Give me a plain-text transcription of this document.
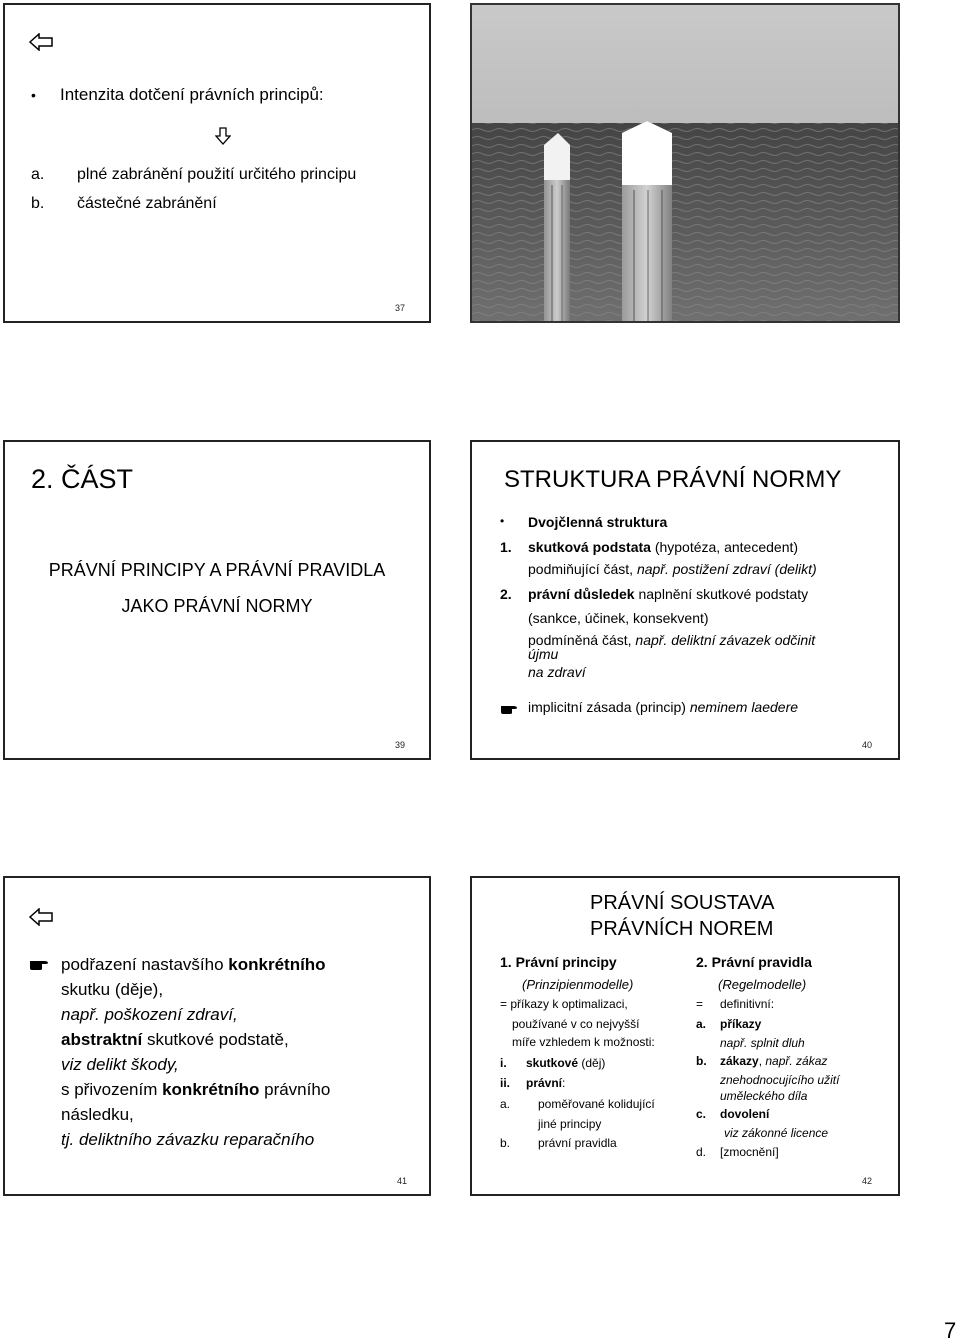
• Intenzita dotčení právních principů:
a. plné zabránění použití určitého principu
b. částečné zabránění
37	38
2. ČÁST
PRÁVNÍ PRINCIPY A PRÁVNÍ PRAVIDLA
JAKO PRÁVNÍ NORMY
39
STRUKTURA PRÁVNÍ NORMY
• Dvojčlenná struktura
1. skutková podstata (hypotéza, antecedent)
podmiňující část, např. postižení zdraví (delikt)
2. právní důsledek naplnění skutkové podstaty
(sankce, účinek, konsekvent)
podmíněná část, např. deliktní závazek odčinit
újmu
na zdraví
implicitní zásada (princip) neminem laedere
40
podřazení nastavšího konkrétního
skutku (děje),
např. poškození zdraví,
abstraktní skutkové podstatě,
viz delikt škody,
s přivozením konkrétního právního
následku,
tj. deliktního závazku reparačního
41
PRÁVNÍ SOUSTAVA
PRÁVNÍCH NOREM
1. Právní principy
(Prinzipienmodelle)
= příkazy k optimalizaci,
používané v co nejvyšší
míře vzhledem k možnosti:
i. skutkové (děj)
ii. právní:
a. poměřované kolidující
jiné principy
b. právní pravidla
2. Právní pravidla
(Regelmodelle)
= definitivní:
a. příkazy
např. splnit dluh
b. zákazy, např. zákaz
znehodnocujícího užití
uměleckého díla
c. dovolení
viz zákonné licence
d. [zmocnění]
42
7
